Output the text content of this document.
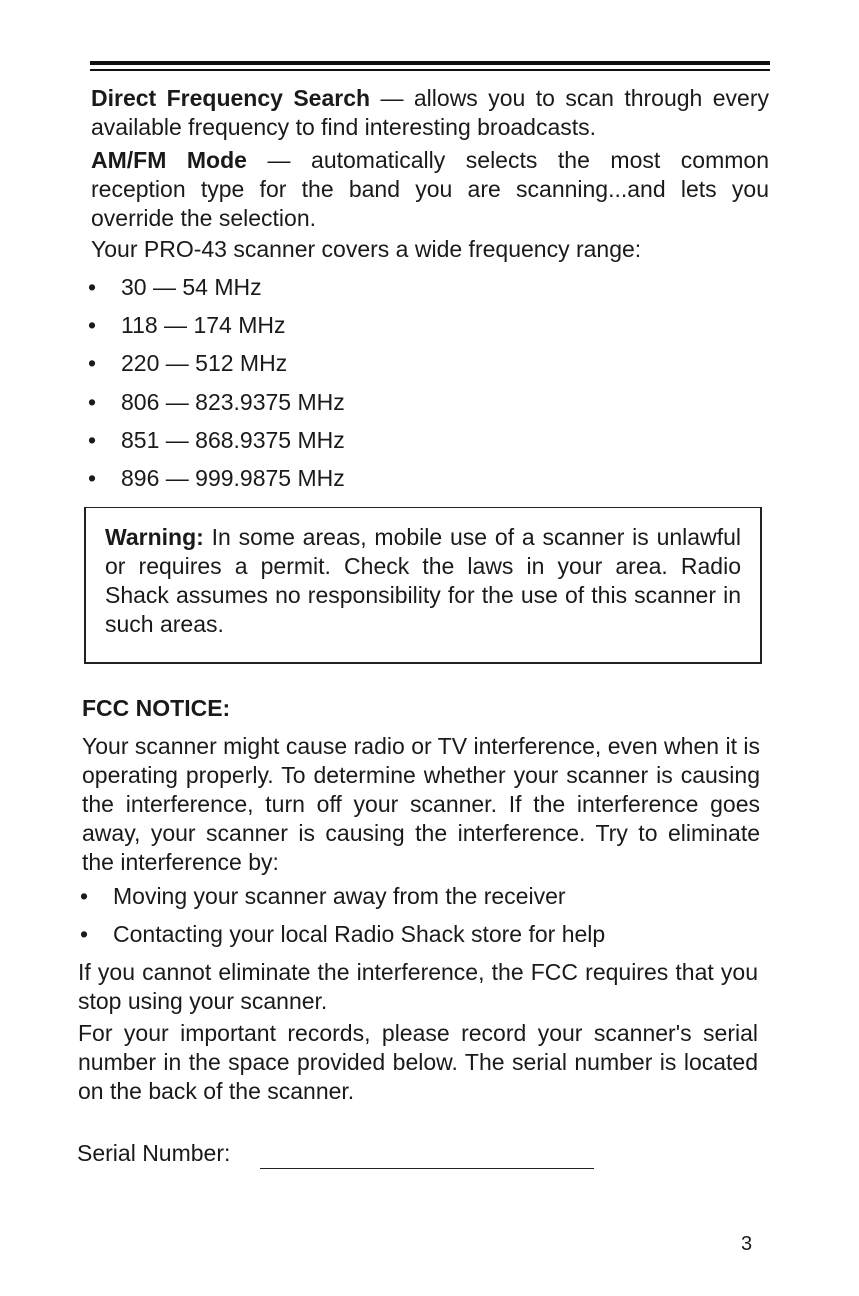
Direct Frequency Search — allows you to scan through every available frequency to find interesting broadcasts.

AM/FM Mode — automatically selects the most common reception type for the band you are scanning...and lets you override the selection.

Your PRO-43 scanner covers a wide frequency range:

• 30 — 54 MHz
• 118 — 174 MHz
• 220 — 512 MHz
• 806 — 823.9375 MHz
• 851 — 868.9375 MHz
• 896 — 999.9875 MHz

Warning: In some areas, mobile use of a scanner is unlawful or requires a permit. Check the laws in your area. Radio Shack assumes no responsibility for the use of this scanner in such areas.

FCC NOTICE:

Your scanner might cause radio or TV interference, even when it is operating properly. To determine whether your scanner is causing the interference, turn off your scanner. If the interference goes away, your scanner is causing the interference. Try to eliminate the interference by:

• Moving your scanner away from the receiver
• Contacting your local Radio Shack store for help

If you cannot eliminate the interference, the FCC requires that you stop using your scanner.

For your important records, please record your scanner's serial number in the space provided below. The serial number is located on the back of the scanner.

Serial Number:
3
